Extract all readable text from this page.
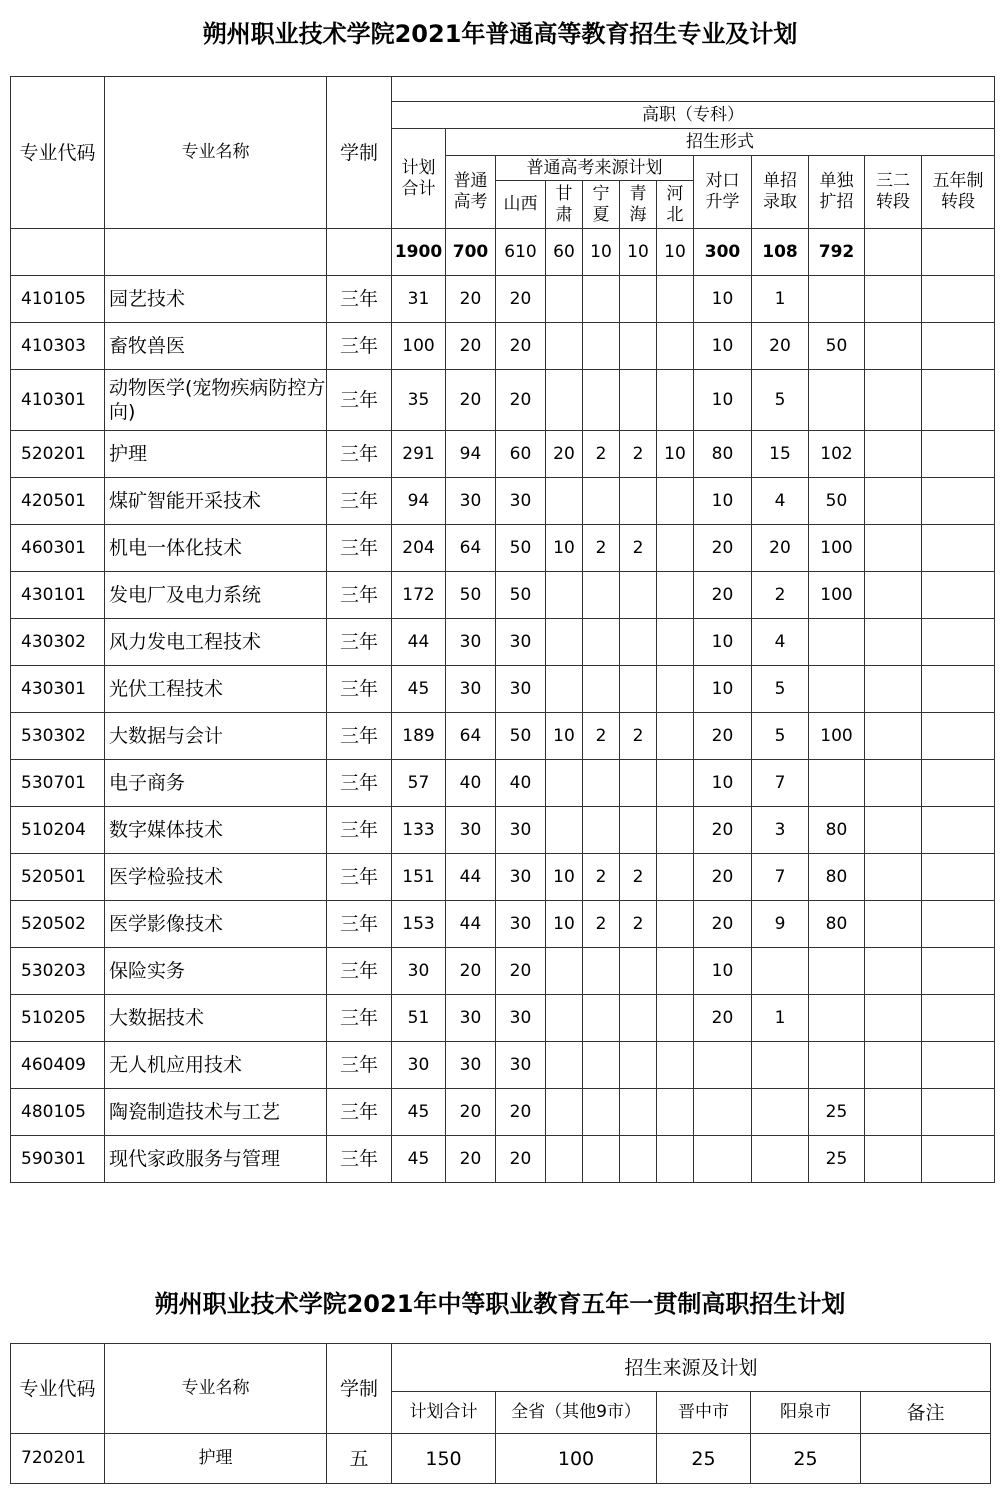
朔州职业技术学院2021年普通高等教育招生专业及计划
专业代码	专业名称	学制												
			高职（专科）											

			计划合计	招生形式										

				普通高考	普通高考来源计划					对口升学	单招录取	单独扩招	三二转段	五年制转段

					山西	甘肃	宁夏	青海	河北					

			1900	700	610	60	10	10	10	300	108	792		
410105	园艺技术	三年	31	20	20					10	1			
410303	畜牧兽医	三年	100	20	20					10	20	50		
410301	动物医学(宠物疾病防控方向)	三年	35	20	20					10	5			
520201	护理	三年	291	94	60	20	2	2	10	80	15	102		
420501	煤矿智能开采技术	三年	94	30	30					10	4	50		
460301	机电一体化技术	三年	204	64	50	10	2	2		20	20	100		
430101	发电厂及电力系统	三年	172	50	50					20	2	100		
430302	风力发电工程技术	三年	44	30	30					10	4			
430301	光伏工程技术	三年	45	30	30					10	5			
530302	大数据与会计	三年	189	64	50	10	2	2		20	5	100		
530701	电子商务	三年	57	40	40					10	7			
510204	数字媒体技术	三年	133	30	30					20	3	80		
520501	医学检验技术	三年	151	44	30	10	2	2		20	7	80		
520502	医学影像技术	三年	153	44	30	10	2	2		20	9	80		
530203	保险实务	三年	30	20	20					10				
510205	大数据技术	三年	51	30	30					20	1			
460409	无人机应用技术	三年	30	30	30									
480105	陶瓷制造技术与工艺	三年	45	20	20							25		
590301	现代家政服务与管理	三年	45	20	20							25		
朔州职业技术学院2021年中等职业教育五年一贯制高职招生计划
专业代码	专业名称	学制	招生来源及计划				
			计划合计	全省（其他9市）	晋中市	阳泉市	备注
720201	护理	五	150	100	25	25	
